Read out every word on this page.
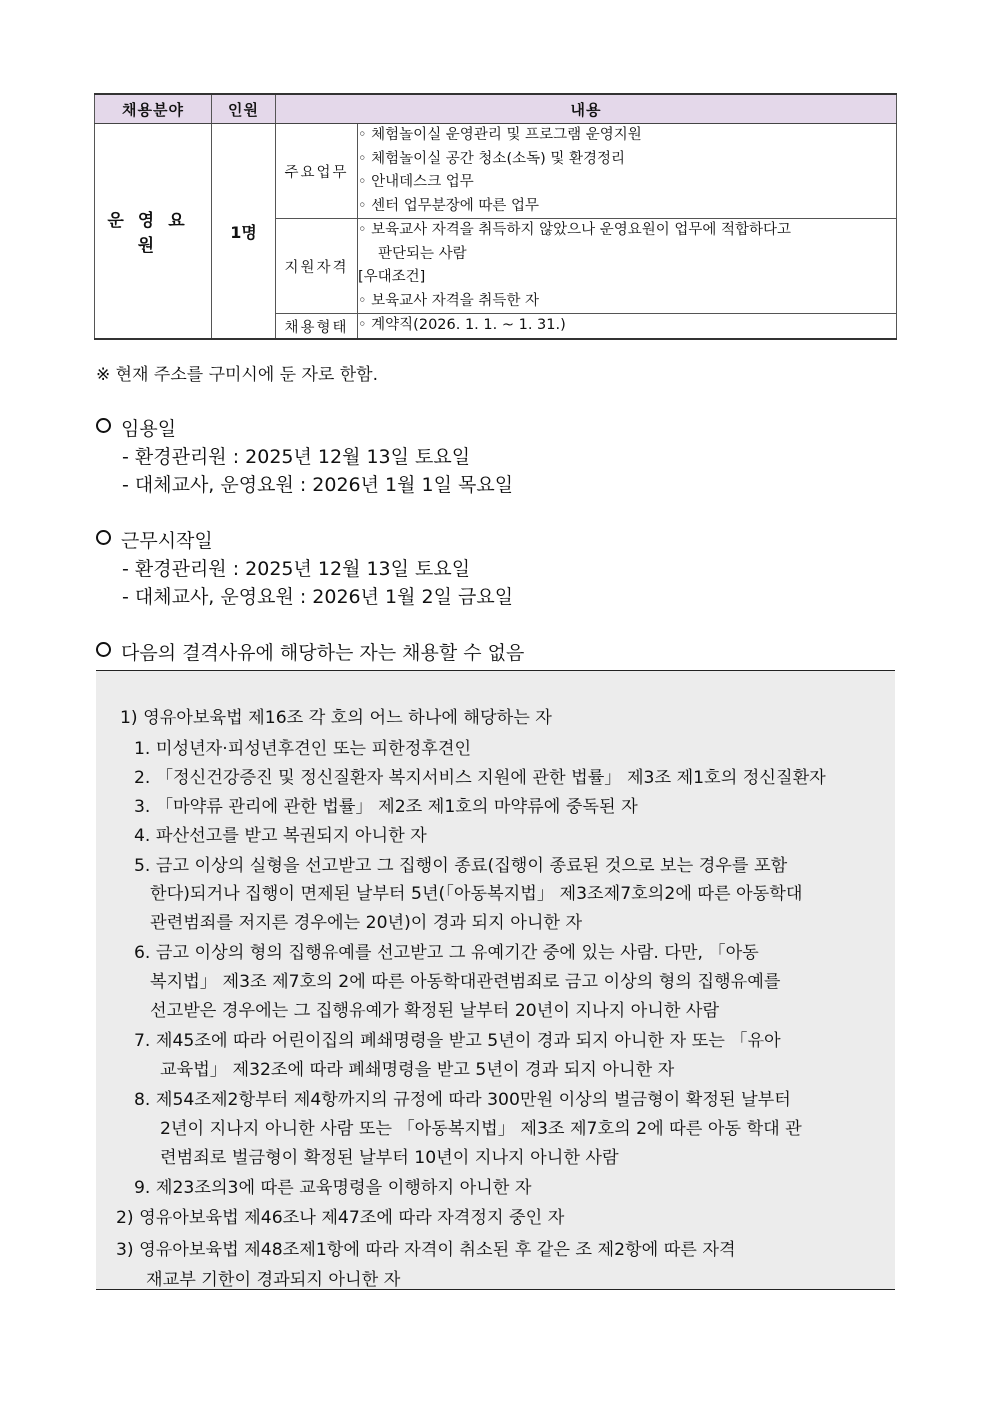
채용분야	인원	내용	
운영요원	1명	주요업무	◦ 체험놀이실 운영관리 및 프로그램 운영지원
◦ 체험놀이실 공간 청소(소독) 및 환경정리
◦ 안내데스크 업무
◦ 센터 업무분장에 따른 업무

		지원자격	◦ 보육교사 자격을 취득하지 않았으나 운영요원이 업무에 적합하다고
판단되는 사람
[우대조건]
◦ 보육교사 자격을 취득한 자

		채용형태	◦ 계약직(2026. 1. 1. ~ 1. 31.)
※ 현재 주소를 구미시에 둔 자로 한함.
임용일
- 환경관리원 : 2025년 12월 13일 토요일
- 대체교사, 운영요원 : 2026년 1월 1일 목요일
근무시작일
- 환경관리원 : 2025년 12월 13일 토요일
- 대체교사, 운영요원 : 2026년 1월 2일 금요일
다음의 결격사유에 해당하는 자는 채용할 수 없음
1) 영유아보육법 제16조 각 호의 어느 하나에 해당하는 자
1. 미성년자·피성년후견인 또는 피한정후견인
2. 「정신건강증진 및 정신질환자 복지서비스 지원에 관한 법률」 제3조 제1호의 정신질환자
3. 「마약류 관리에 관한 법률」 제2조 제1호의 마약류에 중독된 자
4. 파산선고를 받고 복권되지 아니한 자
5. 금고 이상의 실형을 선고받고 그 집행이 종료(집행이 종료된 것으로 보는 경우를 포함
한다)되거나 집행이 면제된 날부터 5년(「아동복지법」 제3조제7호의2에 따른 아동학대
관련범죄를 저지른 경우에는 20년)이 경과 되지 아니한 자
6. 금고 이상의 형의 집행유예를 선고받고 그 유예기간 중에 있는 사람. 다만, 「아동
복지법」 제3조 제7호의 2에 따른 아동학대관련범죄로 금고 이상의 형의 집행유예를
선고받은 경우에는 그 집행유예가 확정된 날부터 20년이 지나지 아니한 사람
7. 제45조에 따라 어린이집의 폐쇄명령을 받고 5년이 경과 되지 아니한 자 또는 「유아
교육법」 제32조에 따라 폐쇄명령을 받고 5년이 경과 되지 아니한 자
8. 제54조제2항부터 제4항까지의 규정에 따라 300만원 이상의 벌금형이 확정된 날부터
2년이 지나지 아니한 사람 또는 「아동복지법」 제3조 제7호의 2에 따른 아동 학대 관
련범죄로 벌금형이 확정된 날부터 10년이 지나지 아니한 사람
9. 제23조의3에 따른 교육명령을 이행하지 아니한 자
2) 영유아보육법 제46조나 제47조에 따라 자격정지 중인 자
3) 영유아보육법 제48조제1항에 따라 자격이 취소된 후 같은 조 제2항에 따른 자격
재교부 기한이 경과되지 아니한 자
